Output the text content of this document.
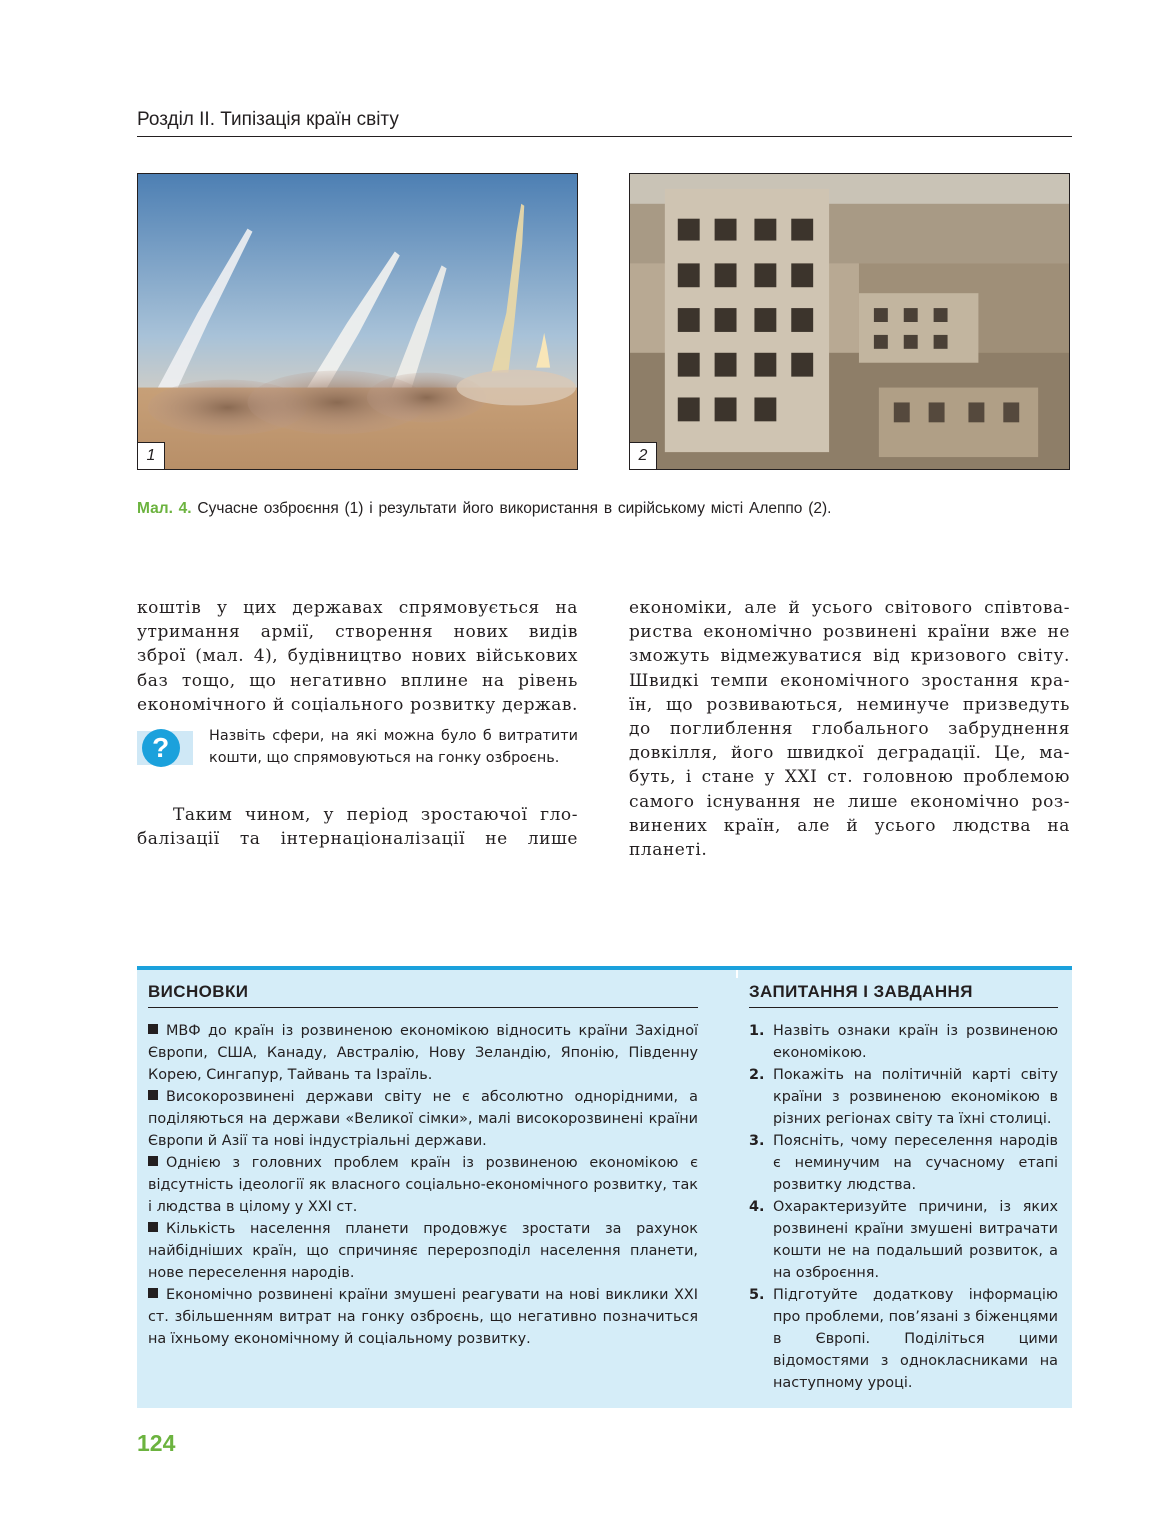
Розділ ІІ. Типізація країн світу
1	2
Мал. 4. Сучасне озброєння (1) і результати його використання в сирійському місті Алеппо (2).

коштів у цих державах спрямовується на
утримання армії, створення нових видів
зброї (мал. 4), будівництво нових військових
баз тощо, що негативно вплине на рівень
економічного й соціального розвитку держав.

?	Назвіть сфери, на які можна було б витратити кошти, що спрямовуються на гонку озброєнь.

Таким чином, у період зростаючої гло-
балізації та інтернаціоналізації не лише

економіки, але й усього світового співтова-
риства економічно розвинені країни вже не
зможуть відмежуватися від кризового світу.
Швидкі темпи економічного зростання кра-
їн, що розвиваються, неминуче призведуть
до поглиблення глобального забруднення
довкілля, його швидкої деградації. Це, ма-
буть, і стане у XXI ст. головною проблемою
самого існування не лише економічно роз-
винених країн, але й усього людства на
планеті.

ВИСНОВКИ

МВФ до країн із розвиненою економікою відносить країни Західної Європи, США, Канаду, Австралію, Нову Зеландію, Японію, Південну Корею, Сингапур, Тайвань та Ізраїль.

Високорозвинені держави світу не є абсолютно однорідними, а поділяються на держави «Великої сімки», малі високорозвинені країни Європи й Азії та нові індустріальні держави.

Однією з головних проблем країн із розвиненою економікою є відсутність ідеології як власного соціально-економічного розвитку, так і людства в цілому у XXI ст.

Кількість населення планети продовжує зростати за рахунок найбідніших країн, що спричиняє перерозподіл населення планети, нове переселення народів.

Економічно розвинені країни змушені реагувати на нові виклики XXI ст. збільшенням витрат на гонку озброєнь, що негативно позначиться на їхньому економічному й соціальному розвитку.

ЗАПИТАННЯ І ЗАВДАННЯ
1. Назвіть ознаки країн із розвиненою економікою.
2. Покажіть на політичній карті світу країни з розвиненою економікою в різних регіонах світу та їхні столиці.
3. Поясніть, чому переселення народів є неминучим на сучасному етапі розвитку людства.
4. Охарактеризуйте причини, із яких розвинені країни змушені витрачати кошти не на подальший розвиток, а на озброєння.
5. Підготуйте додаткову інформацію про проблеми, пов’язані з біженцями в Європі. Поділіться цими відомостями з однокласниками на наступному уроці.
124
